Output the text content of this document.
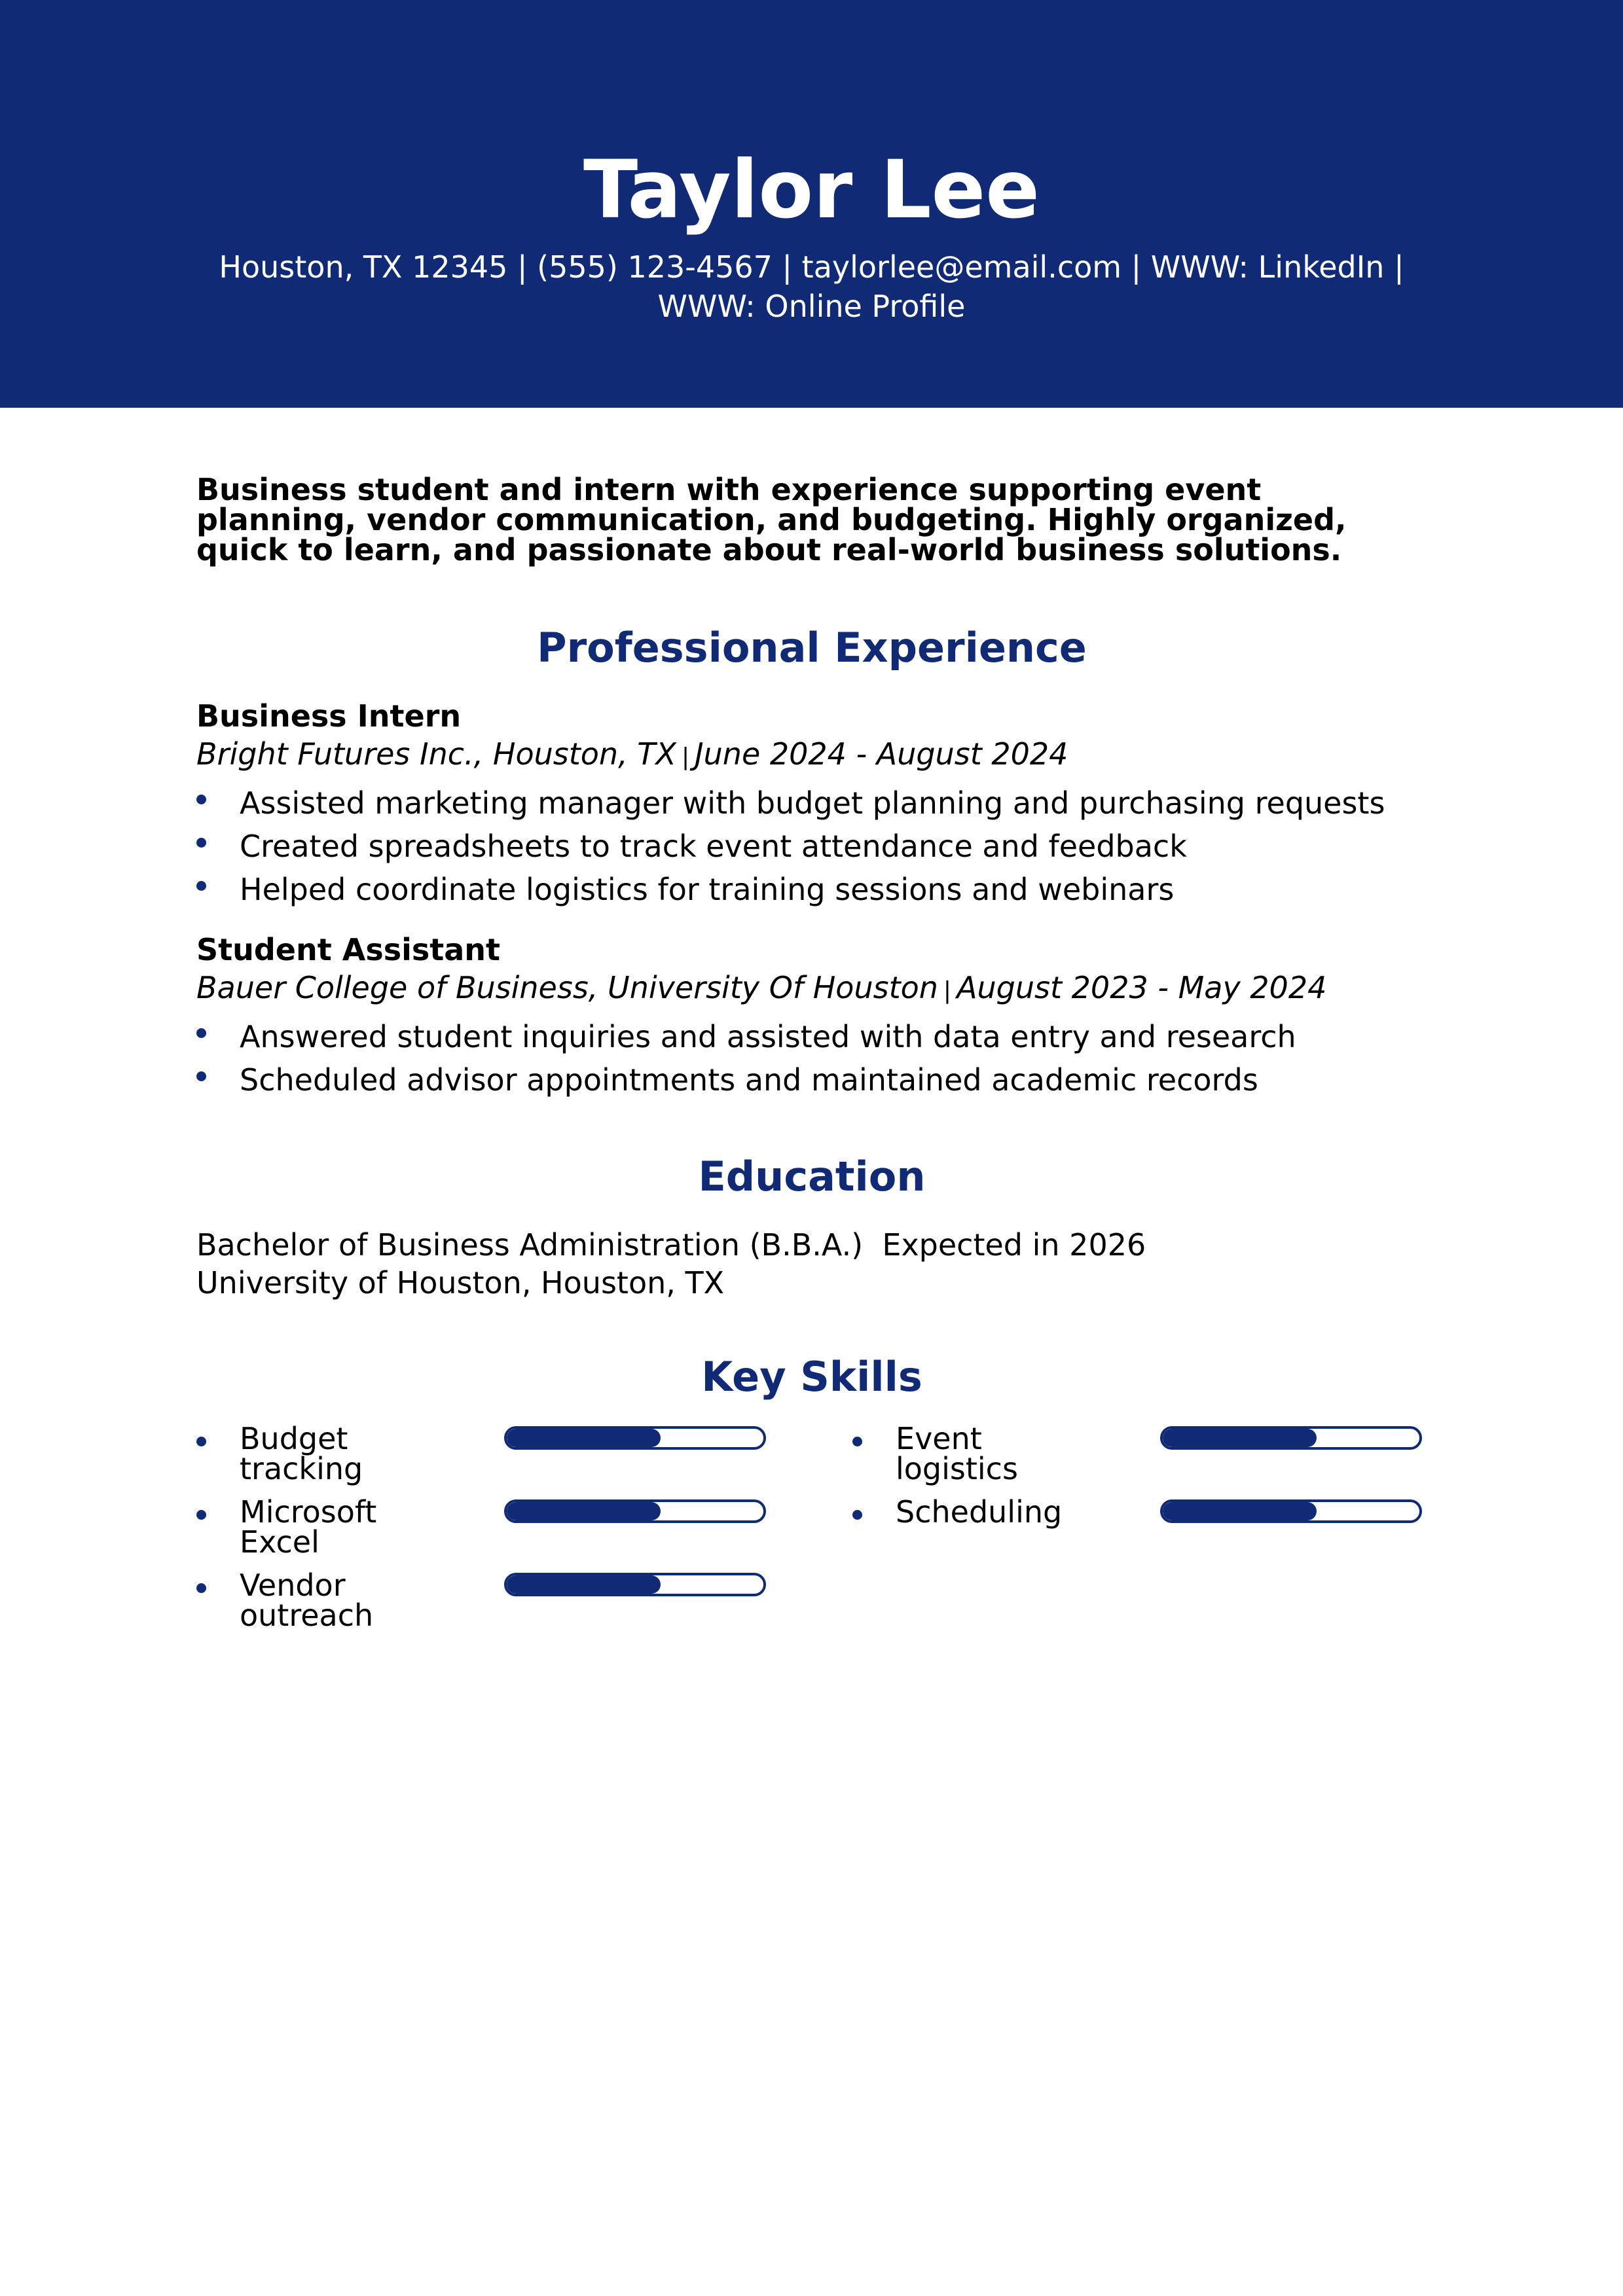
Taylor Lee

Houston, TX 12345 | (555) 123-4567 | taylorlee@email.com | WWW: LinkedIn |
WWW: Online Profile

Business student and intern with experience supporting event planning, vendor communication, and budgeting. Highly organized, quick to learn, and passionate about real-world business solutions.

Professional Experience

Business Intern

Bright Futures Inc., Houston, TX | June 2024 - August 2024

Assisted marketing manager with budget planning and purchasing requests
Created spreadsheets to track event attendance and feedback
Helped coordinate logistics for training sessions and webinars

Student Assistant

Bauer College of Business, University Of Houston | August 2023 - May 2024

Answered student inquiries and assisted with data entry and research
Scheduled advisor appointments and maintained academic records
Education

Bachelor of Business Administration (B.B.A.) Expected in 2026

University of Houston, Houston, TX

Key Skills
Budget tracking
Event logistics
Microsoft Excel
Scheduling
Vendor outreach
